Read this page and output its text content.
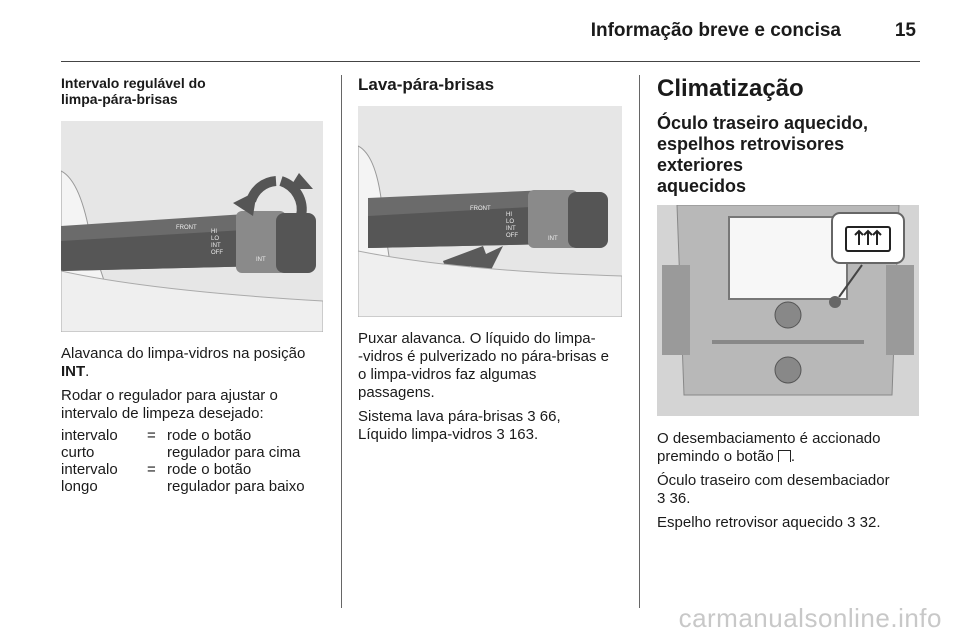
Informação breve e concisa	15

Intervalo regulável do
limpa-pára-brisas

FRONT
HI
LO
INT
OFF
INT

Alavanca do limpa-vidros na posição INT.

Rodar o regulador para ajustar o
intervalo de limpeza desejado:

intervalo
curto
= rode o botão
regulador para cima
intervalo
longo
= rode o botão
regulador para baixo

Lava-pára-brisas

FRONT
HI
LO
INT
OFF	INT

Puxar alavanca. O líquido do limpa-
-vidros é pulverizado no pára-brisas e
o limpa-vidros faz algumas
passagens.

Sistema lava pára-brisas 3 66,
Líquido limpa-vidros 3 163.

Climatização

Óculo traseiro aquecido,
espelhos retrovisores exteriores
aquecidos

O desembaciamento é accionado
premindo o botão .

Óculo traseiro com desembaciador
3 36.

Espelho retrovisor aquecido 3 32.

carmanualsonline.info
